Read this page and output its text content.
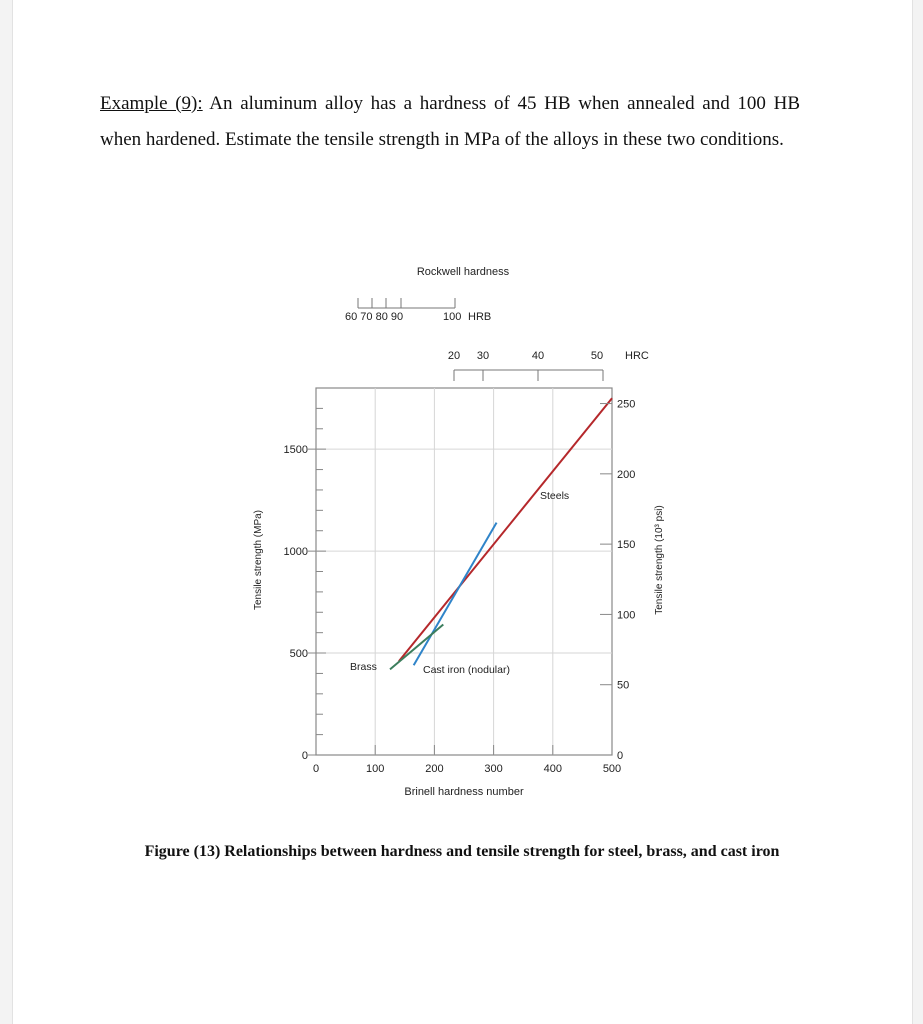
Example (9): An aluminum alloy has a hardness of 45 HB when annealed and 100 HB when hardened. Estimate the tensile strength in MPa of the alloys in these two conditions.

0	100	200	300	400	500
0
500
1000
1500
0
50
100
150
200
250
20 30	40	50
Rockwell hardness
Brinell hardness number
Tensile strength (MPa)	Tensile strength (10³ psi)
100 HRB
60 70 80 90
HRC
Steels
Cast iron (nodular)
Brass

Figure (13) Relationships between hardness and tensile strength for steel, brass, and cast iron
